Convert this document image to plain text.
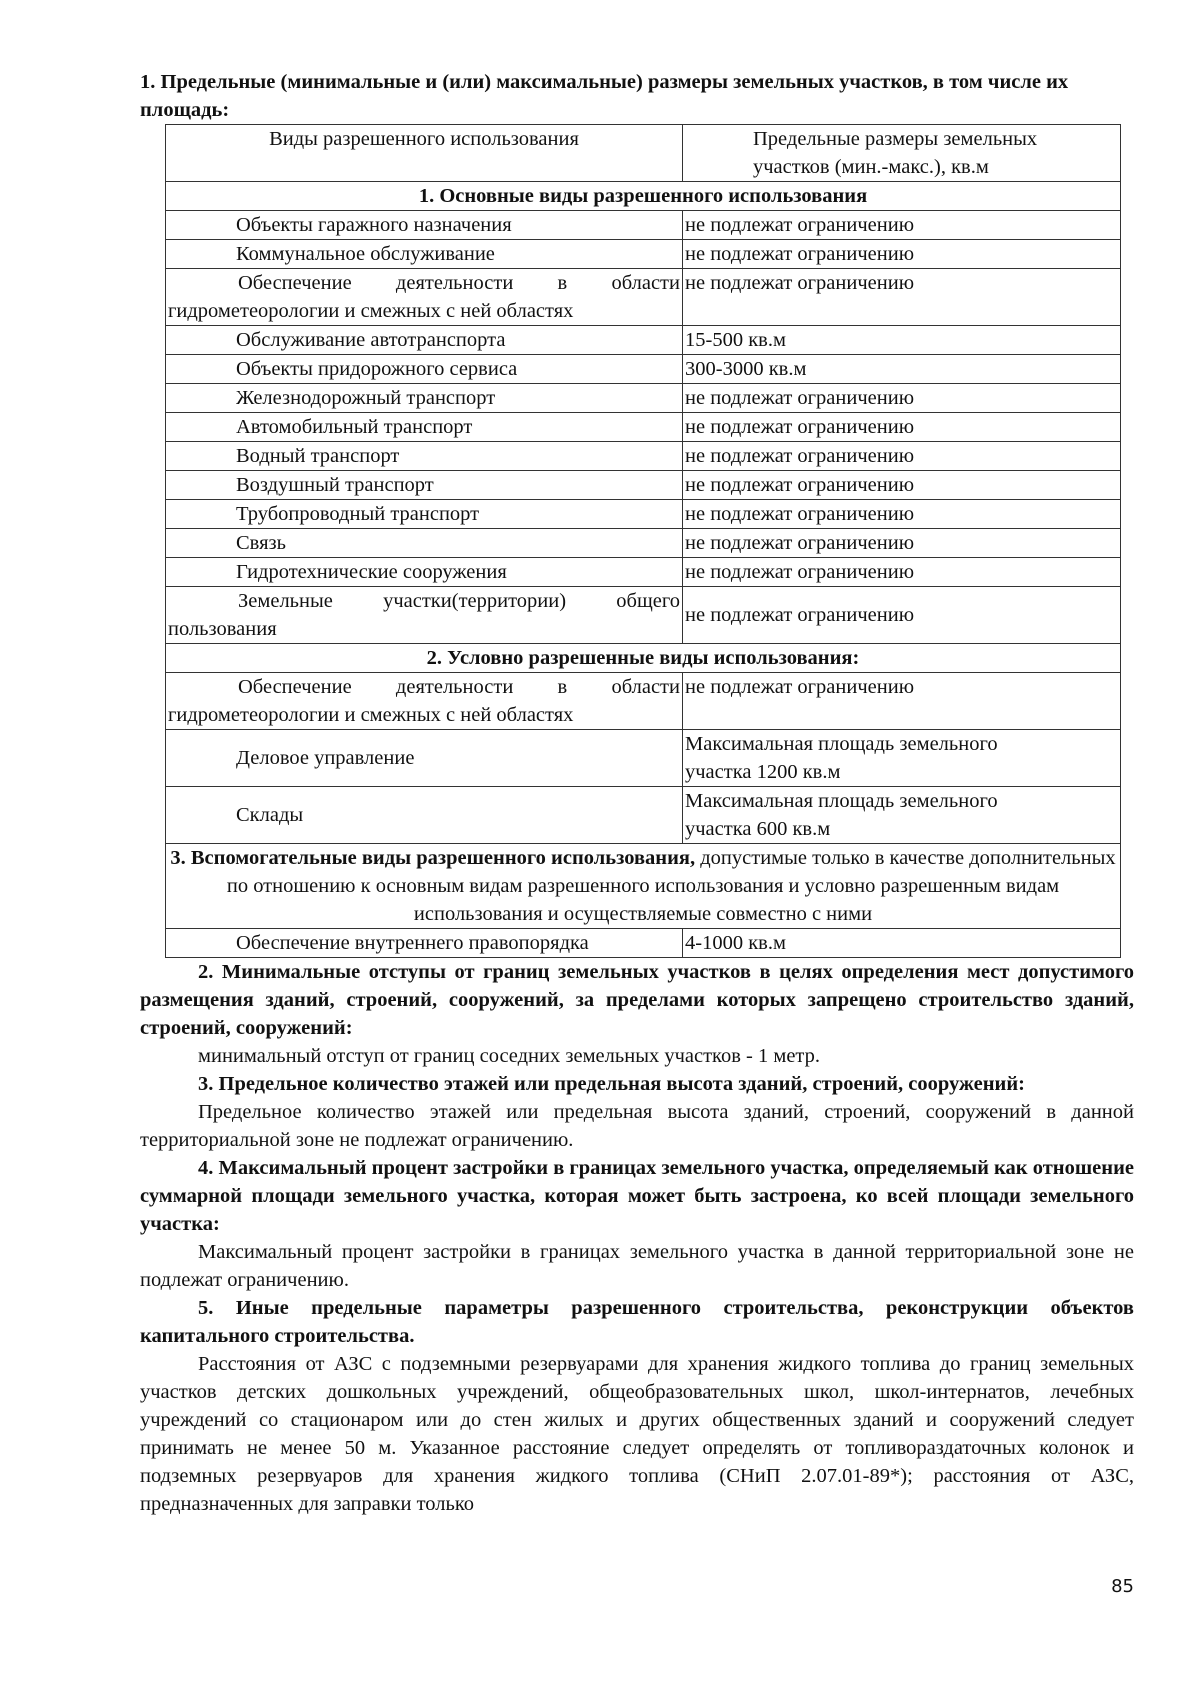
1. Предельные (минимальные и (или) максимальные) размеры земельных участков, в том числе их площадь:

Виды разрешенного использования	Предельные размеры земельных участков (мин.-макс.), кв.м
1. Основные виды разрешенного использования	
Объекты гаражного назначения	не подлежат ограничению
Коммунальное обслуживание	не подлежат ограничению

Обеспечение деятельности в области
гидрометеорологии и смежных с ней областях	не подлежат ограничению
Обслуживание автотранспорта	15-500 кв.м
Объекты придорожного сервиса	300-3000 кв.м
Железнодорожный транспорт	не подлежат ограничению
Автомобильный транспорт	не подлежат ограничению
Водный транспорт	не подлежат ограничению
Воздушный транспорт	не подлежат ограничению
Трубопроводный транспорт	не подлежат ограничению
Связь	не подлежат ограничению
Гидротехнические сооружения	не подлежат ограничению

Земельные участки(территории) общего
пользования	не подлежат ограничению
2. Условно разрешенные виды использования:	

Обеспечение деятельности в области
гидрометеорологии и смежных с ней областях	не подлежат ограничению
Деловое управление	Максимальная площадь земельного
участка 1200 кв.м

Склады	Максимальная площадь земельного
участка 600 кв.м

3. Вспомогательные виды разрешенного использования, допустимые только в качестве дополнительных по отношению к основным видам разрешенного использования и условно разрешенным видам использования и осуществляемые совместно с ними	
Обеспечение внутреннего правопорядка	4-1000 кв.м

2. Минимальные отступы от границ земельных участков в целях определения мест допустимого размещения зданий, строений, сооружений, за пределами которых запрещено строительство зданий, строений, сооружений:

минимальный отступ от границ соседних земельных участков - 1 метр.

3. Предельное количество этажей или предельная высота зданий, строений, сооружений:

Предельное количество этажей или предельная высота зданий, строений, сооружений в данной территориальной зоне не подлежат ограничению.

4. Максимальный процент застройки в границах земельного участка, определяемый как отношение суммарной площади земельного участка, которая может быть застроена, ко всей площади земельного участка:

Максимальный процент застройки в границах земельного участка в данной территориальной зоне не подлежат ограничению.

5. Иные предельные параметры разрешенного строительства, реконструкции объектов капитального строительства.

Расстояния от АЗС с подземными резервуарами для хранения жидкого топлива до границ земельных участков детских дошкольных учреждений, общеобразовательных школ, школ-интернатов, лечебных учреждений со стационаром или до стен жилых и других общественных зданий и сооружений следует принимать не менее 50 м. Указанное расстояние следует определять от топливораздаточных колонок и подземных резервуаров для хранения жидкого топлива (СНиП 2.07.01-89*); расстояния от АЗС, предназначенных для заправки только

85
